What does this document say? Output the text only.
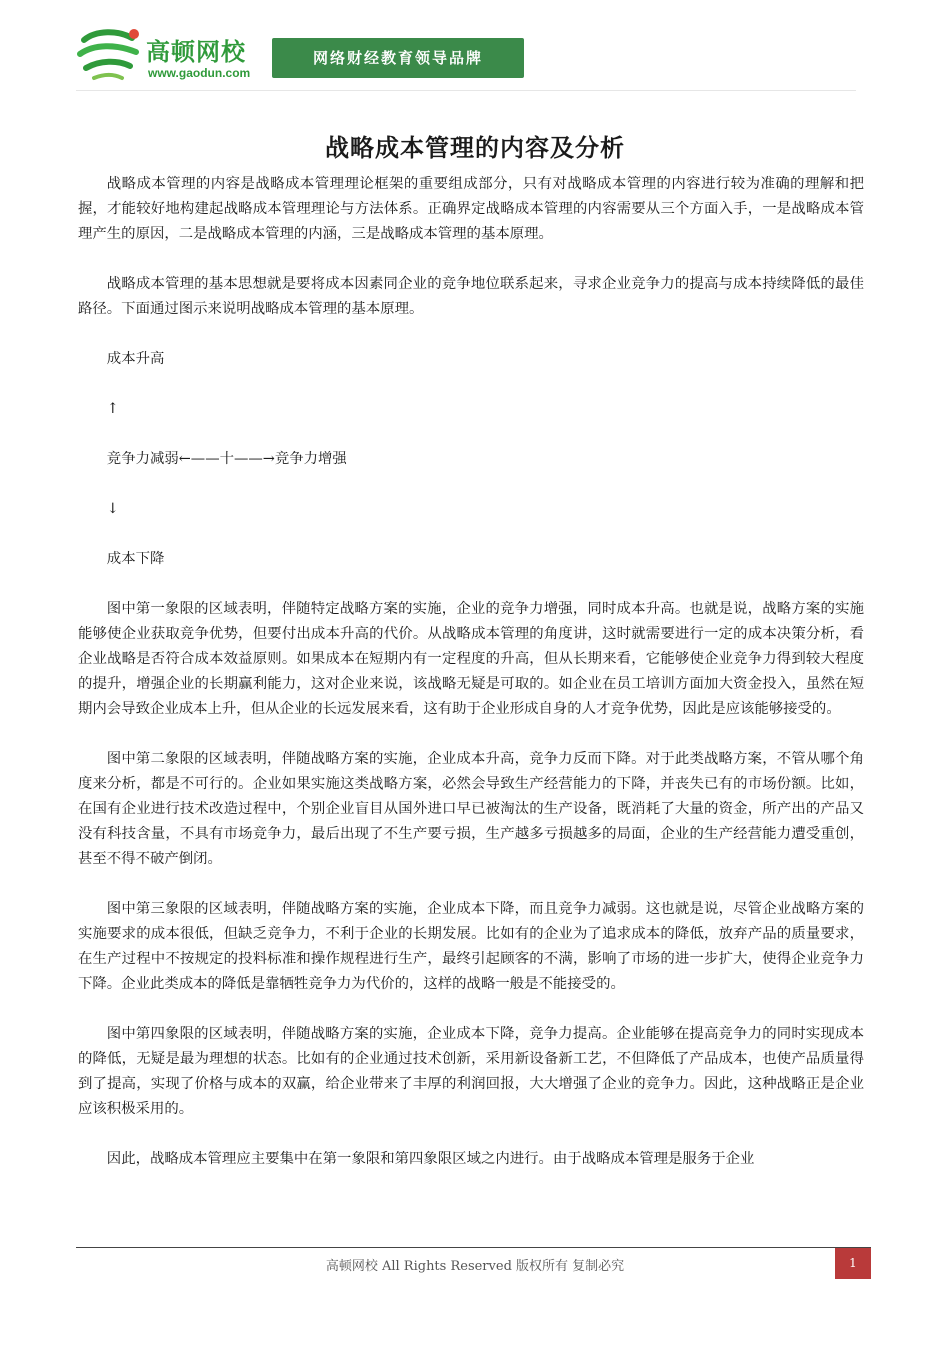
高顿网校
www.gaodun.com
网络财经教育领导品牌
战略成本管理的内容及分析

战略成本管理的内容是战略成本管理理论框架的重要组成部分，只有对战略成本管理的内容进行较为准确的理解和把握，才能较好地构建起战略成本管理理论与方法体系。正确界定战略成本管理的内容需要从三个方面入手，一是战略成本管理产生的原因，二是战略成本管理的内涵，三是战略成本管理的基本原理。

战略成本管理的基本思想就是要将成本因素同企业的竞争地位联系起来，寻求企业竞争力的提高与成本持续降低的最佳路径。下面通过图示来说明战略成本管理的基本原理。

成本升高

↑

竞争力减弱←——十——→竞争力增强

↓

成本下降

图中第一象限的区域表明，伴随特定战略方案的实施，企业的竞争力增强，同时成本升高。也就是说，战略方案的实施能够使企业获取竞争优势，但要付出成本升高的代价。从战略成本管理的角度讲，这时就需要进行一定的成本决策分析，看企业战略是否符合成本效益原则。如果成本在短期内有一定程度的升高，但从长期来看，它能够使企业竞争力得到较大程度的提升，增强企业的长期赢利能力，这对企业来说，该战略无疑是可取的。如企业在员工培训方面加大资金投入，虽然在短期内会导致企业成本上升，但从企业的长远发展来看，这有助于企业形成自身的人才竞争优势，因此是应该能够接受的。

图中第二象限的区域表明，伴随战略方案的实施，企业成本升高，竞争力反而下降。对于此类战略方案，不管从哪个角度来分析，都是不可行的。企业如果实施这类战略方案，必然会导致生产经营能力的下降，并丧失已有的市场份额。比如，在国有企业进行技术改造过程中，个别企业盲目从国外进口早已被淘汰的生产设备，既消耗了大量的资金，所产出的产品又没有科技含量，不具有市场竞争力，最后出现了不生产要亏损，生产越多亏损越多的局面，企业的生产经营能力遭受重创，甚至不得不破产倒闭。

图中第三象限的区域表明，伴随战略方案的实施，企业成本下降，而且竞争力减弱。这也就是说，尽管企业战略方案的实施要求的成本很低，但缺乏竞争力，不利于企业的长期发展。比如有的企业为了追求成本的降低，放弃产品的质量要求，在生产过程中不按规定的投料标准和操作规程进行生产，最终引起顾客的不满，影响了市场的进一步扩大，使得企业竞争力下降。企业此类成本的降低是靠牺牲竞争力为代价的，这样的战略一般是不能接受的。

图中第四象限的区域表明，伴随战略方案的实施，企业成本下降，竞争力提高。企业能够在提高竞争力的同时实现成本的降低，无疑是最为理想的状态。比如有的企业通过技术创新，采用新设备新工艺，不但降低了产品成本，也使产品质量得到了提高，实现了价格与成本的双赢，给企业带来了丰厚的利润回报，大大增强了企业的竞争力。因此，这种战略正是企业应该积极采用的。

因此，战略成本管理应主要集中在第一象限和第四象限区域之内进行。由于战略成本管理是服务于企业

高顿网校 All Rights Reserved 版权所有 复制必究	1
